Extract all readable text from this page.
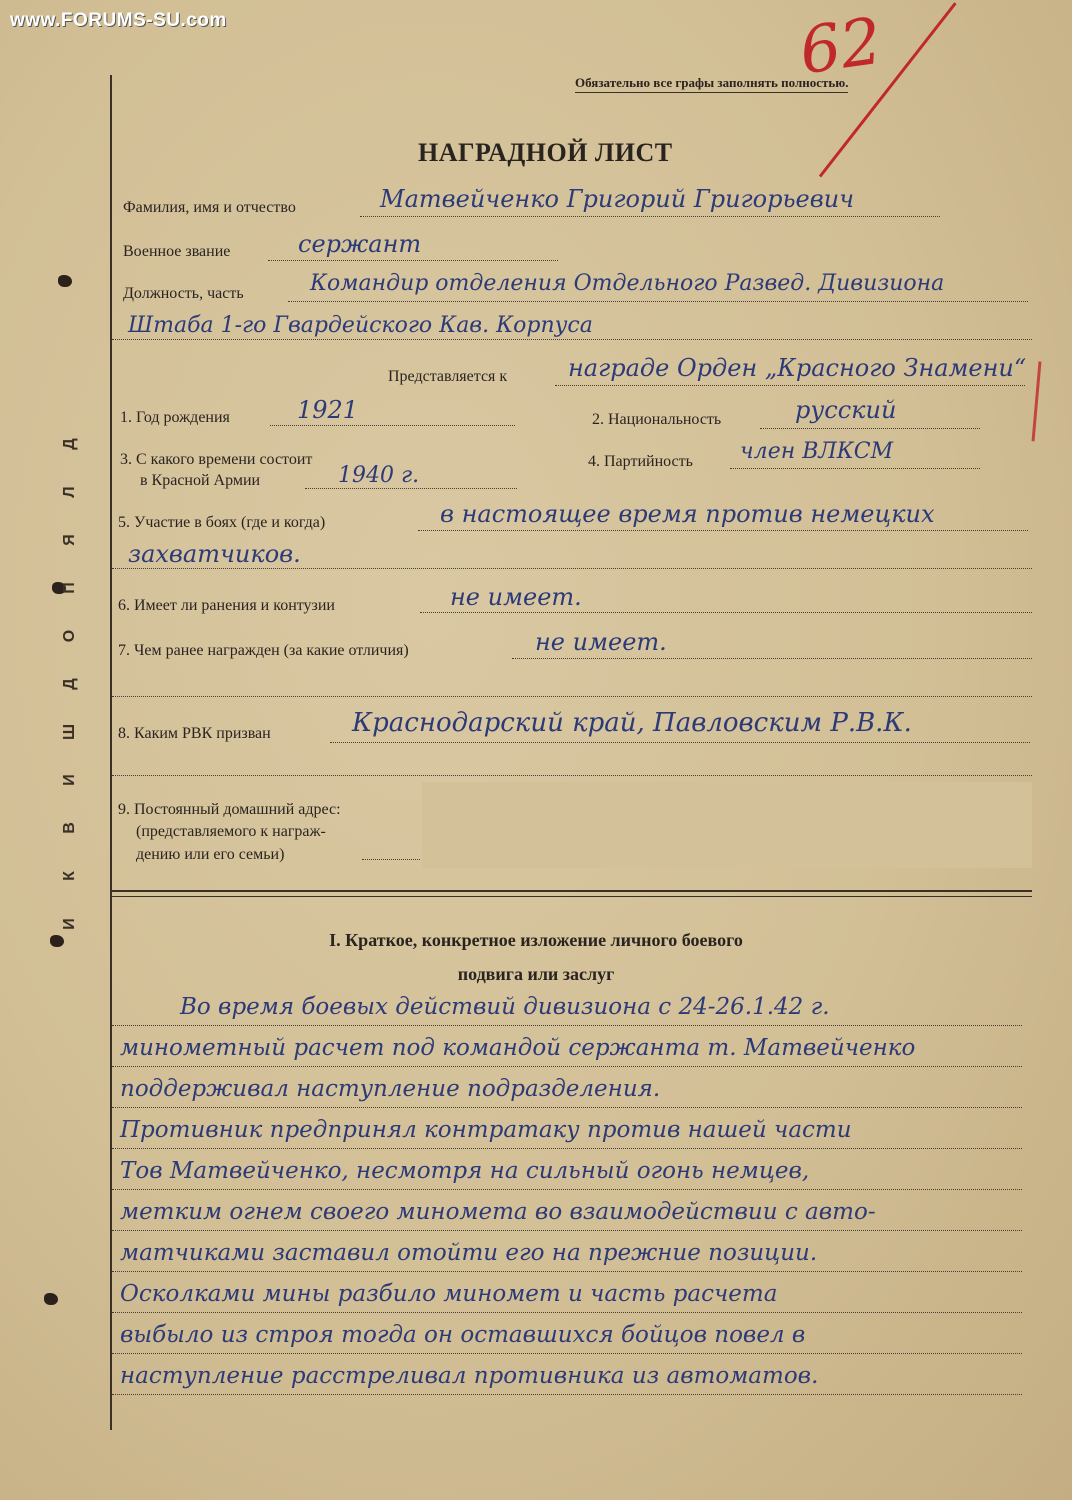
www.FORUMS-SU.com
Д
Л
Я
П
О
Д
Ш
И
В
К
И
Обязательно все графы заполнять полностью.
62
НАГРАДНОЙ ЛИСТ
Фамилия, имя и отчество	Матвейченко Григорий Григорьевич
Военное звание	сержант
Должность, часть	Командир отделения Отдельного Развед. Дивизиона
Штаба 1-го Гвардейского Кав. Корпуса
Представляется к	награде Орден „Красного Знамени“
1. Год рождения	1921	2. Национальность	русский
3. С какого времени состоит
в Красной Армии	1940 г.
4. Партийность член ВЛКСМ
5. Участие в боях (где и когда)	в настоящее время против немецких
захватчиков.
6. Имеет ли ранения и контузии	не имеет.
7. Чем ранее награжден (за какие отличия)	не имеет.
8. Каким РВК призван	Краснодарский край, Павловским Р.В.К.
9. Постоянный домашний адрес:
(представляемого к награж-
дению или его семьи)
I. Краткое, конкретное изложение личного боевого
подвига или заслуг
Во время боевых действий дивизиона с 24-26.1.42 г.
минометный расчет под командой сержанта т. Матвейченко
поддерживал наступление подразделения.
Противник предпринял контратаку против нашей части
Тов Матвейченко, несмотря на сильный огонь немцев,
метким огнем своего миномета во взаимодействии с авто-
матчиками заставил отойти его на прежние позиции.
Осколками мины разбило миномет и часть расчета
выбыло из строя тогда он оставшихся бойцов повел в
наступление расстреливал противника из автоматов.
